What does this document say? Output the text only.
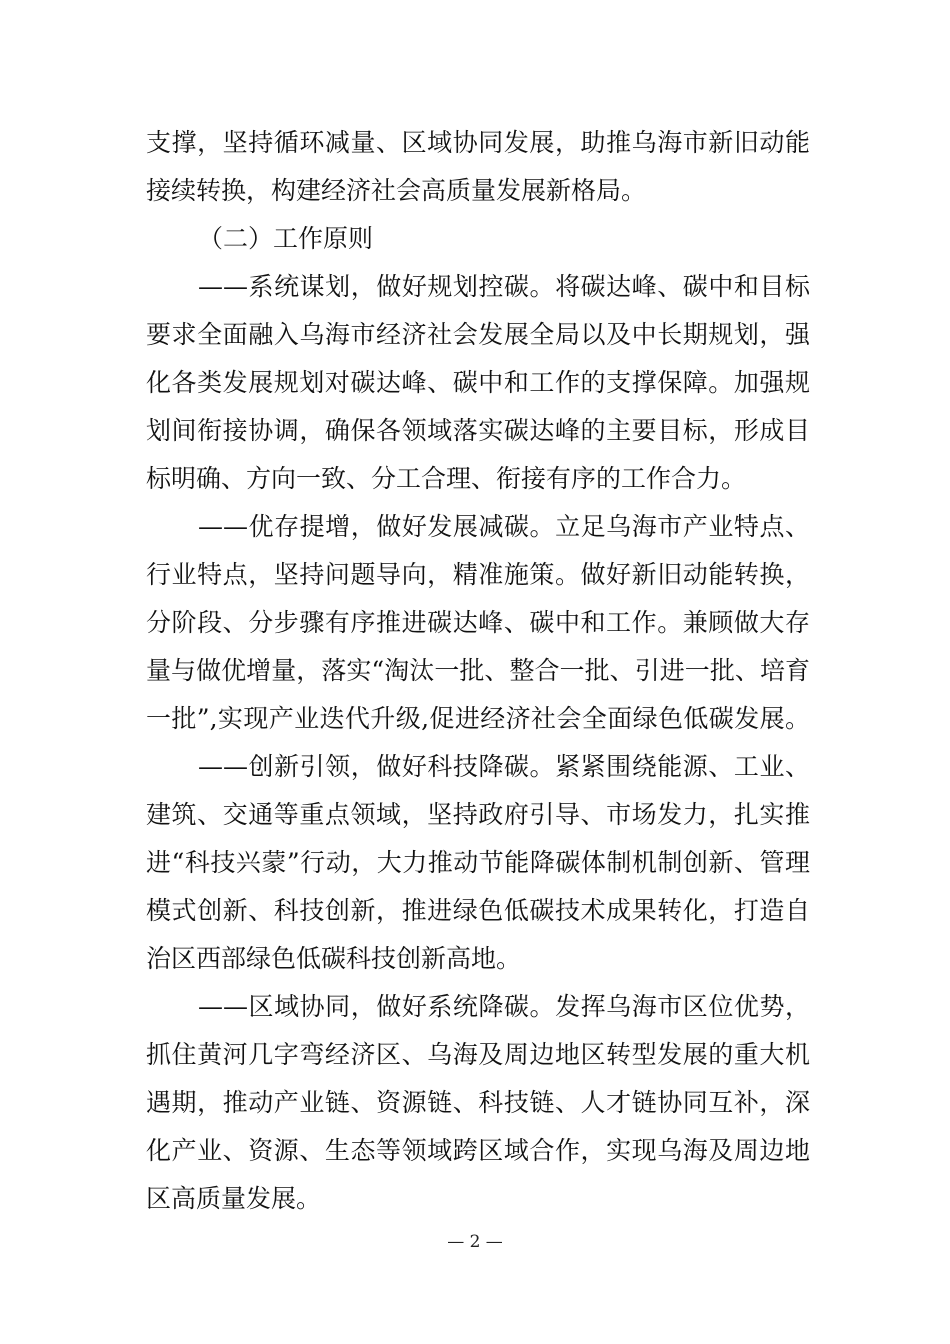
支撑，坚持循环减量、区域协同发展，助推乌海市新旧动能
接续转换，构建经济社会高质量发展新格局。
（二）工作原则
——系统谋划，做好规划控碳。将碳达峰、碳中和目标
要求全面融入乌海市经济社会发展全局以及中长期规划，强
化各类发展规划对碳达峰、碳中和工作的支撑保障。加强规
划间衔接协调，确保各领域落实碳达峰的主要目标，形成目
标明确、方向一致、分工合理、衔接有序的工作合力。
——优存提增，做好发展减碳。立足乌海市产业特点、
行业特点，坚持问题导向，精准施策。做好新旧动能转换，
分阶段、分步骤有序推进碳达峰、碳中和工作。兼顾做大存
量与做优增量，落实“淘汰一批、整合一批、引进一批、培育
一批”,实现产业迭代升级,促进经济社会全面绿色低碳发展。
——创新引领，做好科技降碳。紧紧围绕能源、工业、
建筑、交通等重点领域，坚持政府引导、市场发力，扎实推
进“科技兴蒙”行动，大力推动节能降碳体制机制创新、管理
模式创新、科技创新，推进绿色低碳技术成果转化，打造自
治区西部绿色低碳科技创新高地。
——区域协同，做好系统降碳。发挥乌海市区位优势，
抓住黄河几字弯经济区、乌海及周边地区转型发展的重大机
遇期，推动产业链、资源链、科技链、人才链协同互补，深
化产业、资源、生态等领域跨区域合作，实现乌海及周边地
区高质量发展。
— 2 —
